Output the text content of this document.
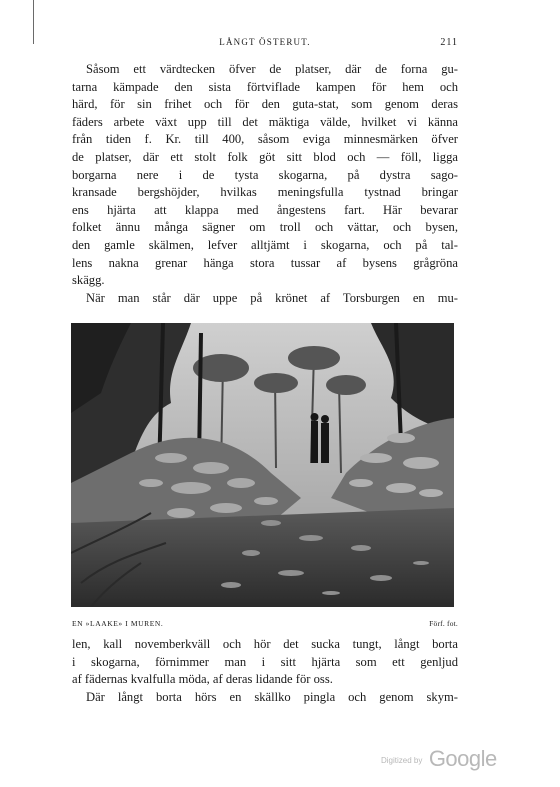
LÅNGT ÖSTERUT.	211
Såsom ett värdtecken öfver de platser, där de forna gu-
tarna kämpade den sista förtviflade kampen för hem och
härd, för sin frihet och för den guta-stat, som genom deras
fäders arbete växt upp till det mäktiga välde, hvilket vi känna
från tiden f. Kr. till 400, såsom eviga minnesmärken öfver
de platser, där ett stolt folk göt sitt blod och — föll, ligga
borgarna nere i de tysta skogarna, på dystra sago-
kransade bergshöjder, hvilkas meningsfulla tystnad bringar
ens hjärta att klappa med ångestens fart. Här bevarar
folket ännu många sägner om troll och vättar, och bysen,
den gamle skälmen, lefver alltjämt i skogarna, och på tal-
lens nakna grenar hänga stora tussar af bysens grågröna
skägg.
När man står där uppe på krönet af Torsburgen en mu-
EN »LAAKE» I MUREN.	Förf. fot.
len, kall novemberkväll och hör det sucka tungt, långt borta
i skogarna, förnimmer man i sitt hjärta som ett genljud
af fädernas kvalfulla möda, af deras lidande för oss.
Där långt borta hörs en skällko pingla och genom skym-
Digitized by Google
